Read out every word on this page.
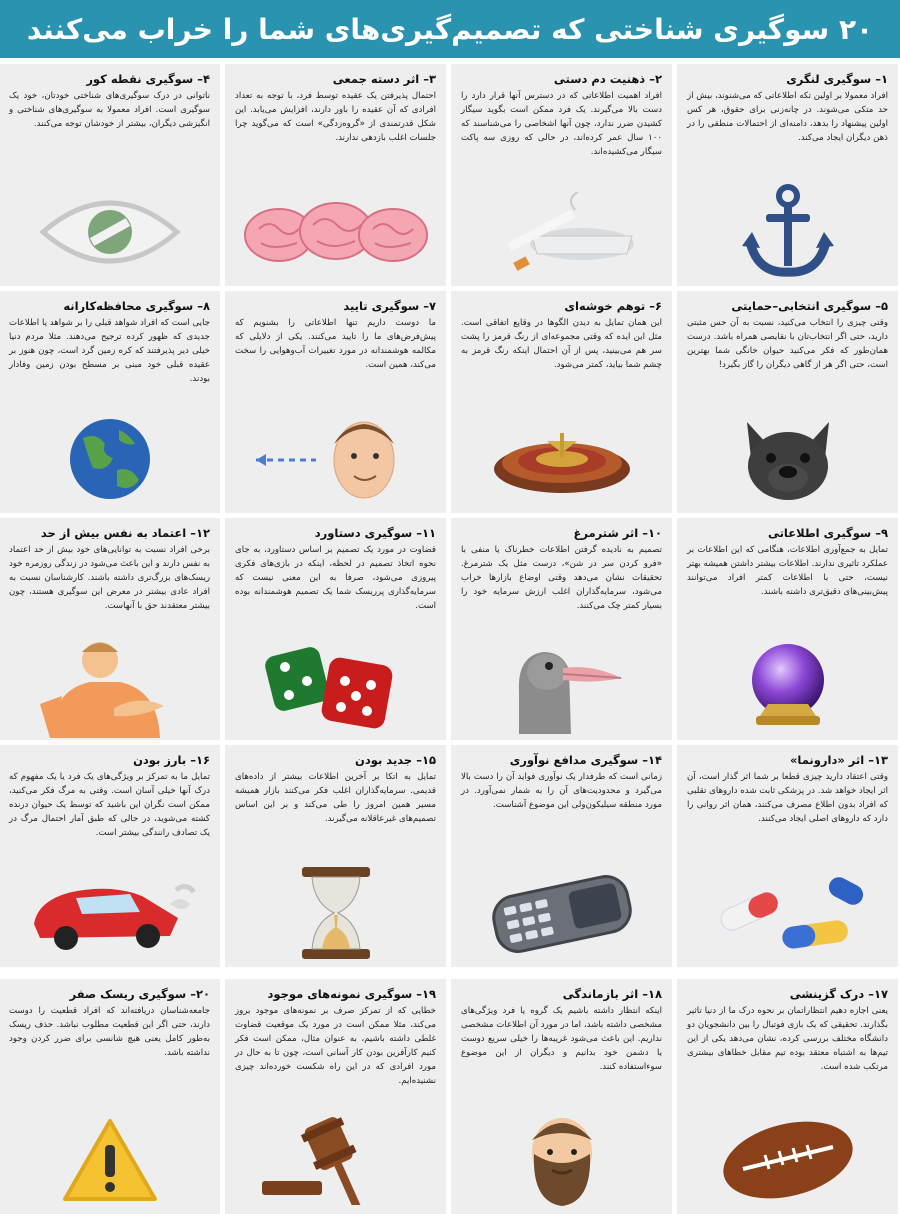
۲۰ سوگیری شناختی که تصمیم‌گیری‌های شما را خراب می‌کنند
۱– سوگیری لنگری
افراد معمولا بر اولین تکه اطلاعاتی که می‌شنوند، بیش از حد متکی می‌شوند. در چانه‌زنی برای حقوق، هر کس اولین پیشنهاد را بدهد، دامنه‌ای از احتمالات منطقی را در ذهن دیگران ایجاد می‌کند.
۲– ذهنیت دم دستی
افراد اهمیت اطلاعاتی که در دسترس آنها قرار دارد را دست بالا می‌گیرند. یک فرد ممکن است بگوید سیگار کشیدن ضرر ندارد، چون آنها اشخاصی را می‌شناسند که ۱۰۰ سال عمر کرده‌اند، در حالی که روزی سه پاکت سیگار می‌کشیده‌اند.
۳– اثر دسته جمعی
احتمال پذیرفتن یک عقیده توسط فرد، با توجه به تعداد افرادی که آن عقیده را باور دارند، افزایش می‌یابد. این شکل قدرتمندی از «گروه‌زدگی» است که می‌گوید چرا جلسات اغلب بازدهی ندارند.
۴– سوگیری نقطه کور
ناتوانی در درک سوگیری‌های شناختی خودتان، خود یک سوگیری است. افراد معمولا به سوگیری‌های شناختی و انگیزشی دیگران، بیشتر از خودشان توجه می‌کنند.
۵– سوگیری انتخابی–حمایتی
وقتی چیزی را انتخاب می‌کنید، نسبت به آن حس مثبتی دارید، حتی اگر انتخاب‌تان با نقایصی همراه باشد. درست همان‌طور که فکر می‌کنید حیوان خانگی شما بهترین است، حتی اگر هر از گاهی دیگران را گاز بگیرد!
۶– توهم خوشه‌ای
این همان تمایل به دیدن الگوها در وقایع اتفاقی است. مثل این ایده که وقتی مجموعه‌ای از رنگ قرمز را پشت سر هم می‌بینید، پس از آن احتمال اینکه رنگ قرمز به چشم شما بیاید، کمتر می‌شود.
۷– سوگیری تایید
ما دوست داریم تنها اطلاعاتی را بشنویم که پیش‌فرض‌های ما را تایید می‌کنند. یکی از دلایلی که مکالمه هوشمندانه در مورد تغییرات آب‌وهوایی را سخت می‌کند، همین است.
۸– سوگیری محافظه‌کارانه
جایی است که افراد شواهد قبلی را بر شواهد یا اطلاعات جدیدی که ظهور کرده ترجیح می‌دهند. مثلا مردم دنیا خیلی دیر پذیرفتند که کره زمین گرد است، چون هنوز بر عقیده قبلی خود مبنی بر مسطح بودن زمین وفادار بودند.
۹– سوگیری اطلاعاتی
تمایل به جمع‌آوری اطلاعات، هنگامی که این اطلاعات بر عملکرد تاثیری ندارند. اطلاعات بیشتر داشتن همیشه بهتر نیست، حتی با اطلاعات کمتر افراد می‌توانند پیش‌بینی‌های دقیق‌تری داشته باشند.
۱۰– اثر شترمرغ
تصمیم به نادیده گرفتن اطلاعات خطرناک یا منفی با «فرو کردن سر در شن»، درست مثل یک شترمرغ. تحقیقات نشان می‌دهد وقتی اوضاع بازارها خراب می‌شود، سرمایه‌گذاران اغلب ارزش سرمایه خود را بسیار کمتر چک می‌کنند.
۱۱– سوگیری دستاورد
قضاوت در مورد یک تصمیم بر اساس دستاورد، به جای نحوه اتخاذ تصمیم در لحظه، اینکه در بازی‌های فکری پیروزی می‌شود، صرفا به این معنی نیست که سرمایه‌گذاری پرریسک شما یک تصمیم هوشمندانه بوده است.
۱۲– اعتماد به نفس بیش از حد
برخی افراد نسبت به توانایی‌های خود بیش از حد اعتماد به نفس دارند و این باعث می‌شود در زندگی روزمره خود ریسک‌های بزرگ‌تری داشته باشند. کارشناسان نسبت به افراد عادی بیشتر در معرض این سوگیری هستند، چون بیشتر معتقدند حق با آنهاست.
۱۳– اثر «دارونما»
وقتی اعتقاد دارید چیزی قطعا بر شما اثر گذار است، آن اثر ایجاد خواهد شد. در پزشکی ثابت شده داروهای تقلبی که افراد بدون اطلاع مصرف می‌کنند، همان اثر روانی را دارد که داروهای اصلی ایجاد می‌کنند.
۱۴– سوگیری مدافع نوآوری
زمانی است که طرفدار یک نوآوری فواید آن را دست بالا می‌گیرد و محدودیت‌های آن را به شمار نمی‌آورد. در مورد منطقه سیلیکون‌ولی این موضوع آشناست.
۱۵– جدید بودن
تمایل به اتکا بر آخرین اطلاعات بیشتر از داده‌های قدیمی. سرمایه‌گذاران اغلب فکر می‌کنند بازار همیشه مسیر همین امروز را طی می‌کند و بر این اساس تصمیم‌های غیرعاقلانه می‌گیرند.
۱۶– بارز بودن
تمایل ما به تمرکز بر ویژگی‌های یک فرد یا یک مفهوم که درک آنها خیلی آسان است. وقتی به مرگ فکر می‌کنید، ممکن است نگران این باشید که توسط یک حیوان درنده کشته می‌شوید، در حالی که طبق آمار احتمال مرگ در یک تصادف رانندگی بیشتر است.
۱۷– درک گزینشی
یعنی اجازه دهیم انتظاراتمان بر نحوه درک ما از دنیا تاثیر بگذارند. تحقیقی که یک بازی فوتبال را بین دانشجویان دو دانشگاه مختلف بررسی کرده، نشان می‌دهد یکی از این تیم‌ها به اشتباه معتقد بوده تیم مقابل خطاهای بیشتری مرتکب شده است.
۱۸– اثر بازماندگی
اینکه انتظار داشته باشیم یک گروه یا فرد ویژگی‌های مشخصی داشته باشد، اما در مورد آن اطلاعات مشخصی نداریم. این باعث می‌شود غریبه‌ها را خیلی سریع دوست یا دشمن خود بدانیم و دیگران از این موضوع سوءاستفاده کنند.
۱۹– سوگیری نمونه‌های موجود
خطایی که از تمرکز صرف بر نمونه‌های موجود بروز می‌کند، مثلا ممکن است در مورد یک موقعیت قضاوت غلطی داشته باشیم، به عنوان مثال، ممکن است فکر کنیم کارآفرین بودن کار آسانی است، چون تا به حال در مورد افرادی که در این راه شکست خورده‌اند چیزی نشنیده‌ایم.
۲۰– سوگیری ریسک صفر
جامعه‌شناسان دریافته‌اند که افراد قطعیت را دوست دارند، حتی اگر این قطعیت مطلوب نباشد. حذف ریسک به‌طور کامل یعنی هیچ شانسی برای ضرر کردن وجود نداشته باشد.
